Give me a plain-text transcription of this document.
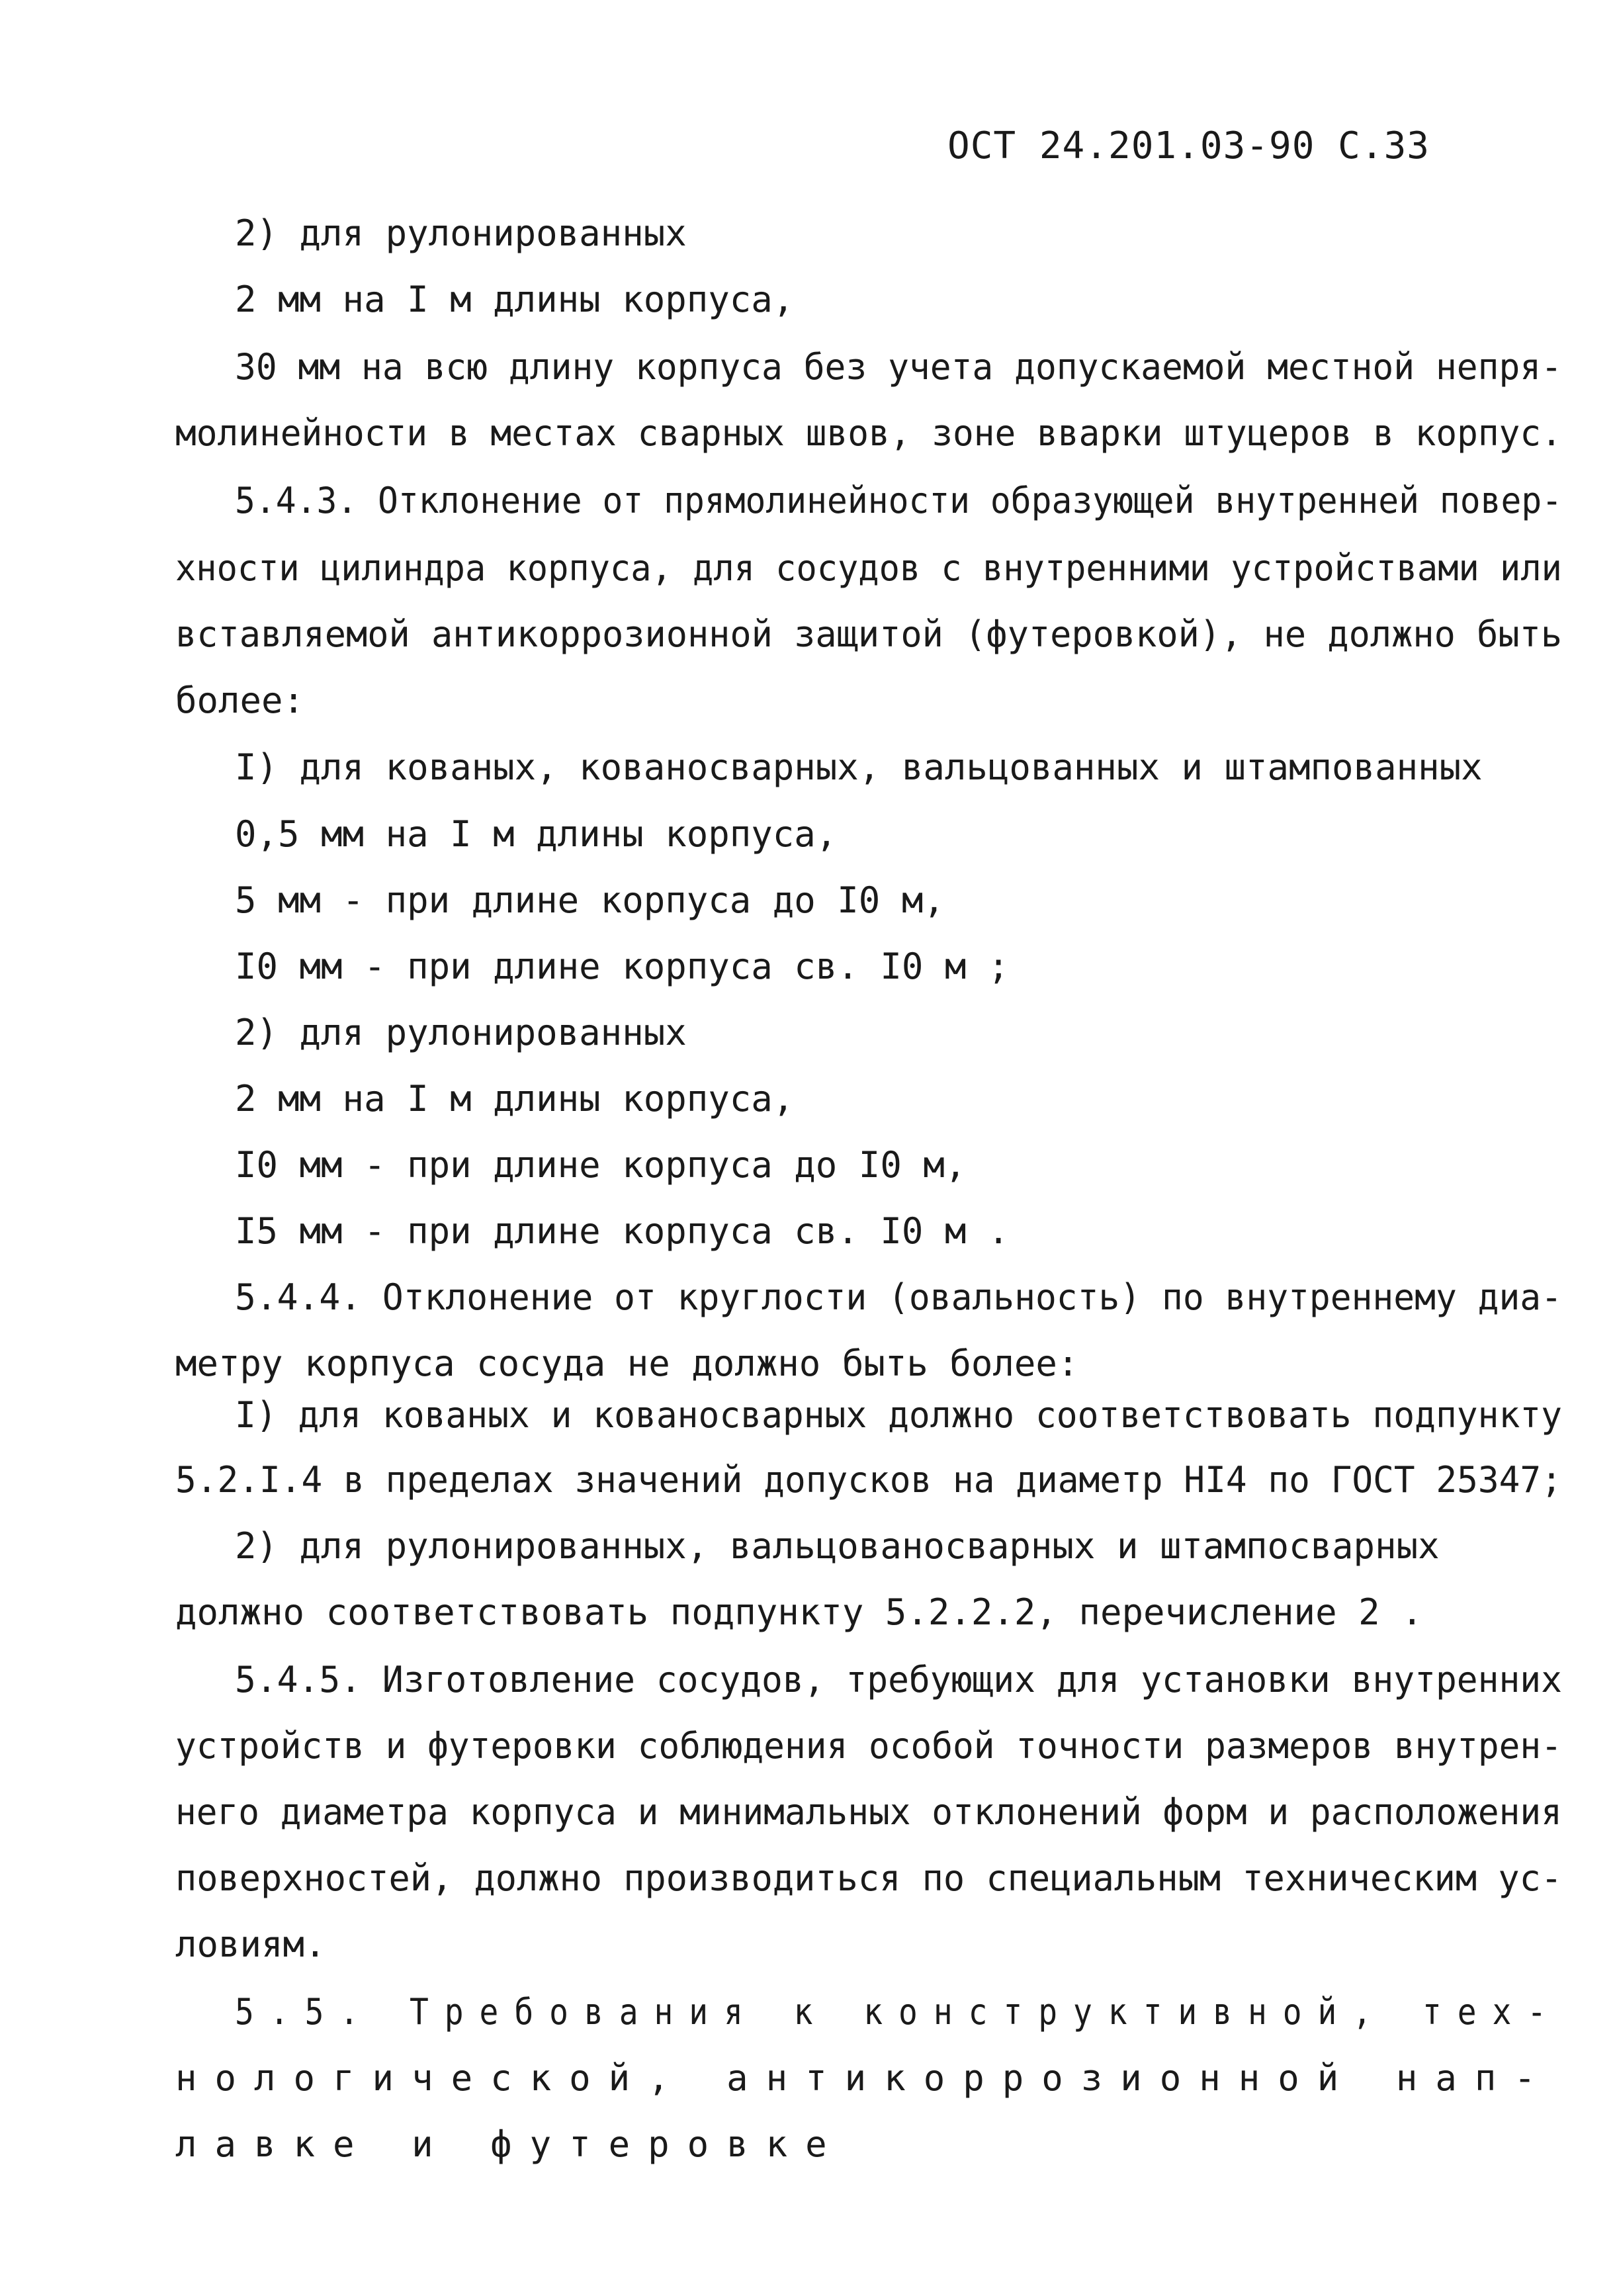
ОСТ 24.201.03-90 С.33
2) для рулонированных
2 мм на I м длины корпуса,
30 мм на всю длину корпуса без учета допускаемой местной непря-
молинейности в местах сварных швов, зоне вварки штуцеров в корпус.
5.4.3. Отклонение от прямолинейности образующей внутренней повер-
хности цилиндра корпуса, для сосудов с внутренними устройствами или
вставляемой антикоррозионной защитой (футеровкой), не должно быть
более:
I) для кованых, кованосварных, вальцованных и штампованных
0,5 мм на I м длины корпуса,
5 мм - при длине корпуса до I0 м,
I0 мм - при длине корпуса св. I0 м ;
2) для рулонированных
2 мм на I м длины корпуса,
I0 мм - при длине корпуса до I0 м,
I5 мм - при длине корпуса св. I0 м .
5.4.4. Отклонение от круглости (овальность) по внутреннему диа-
метру корпуса сосуда не должно быть более:
I) для кованых и кованосварных должно соответствовать подпункту
5.2.I.4 в пределах значений допусков на диаметр HI4 по ГОСТ 25347;
2) для рулонированных, вальцованосварных и штампосварных
должно соответствовать подпункту 5.2.2.2, перечисление 2 .
5.4.5. Изготовление сосудов, требующих для установки внутренних
устройств и футеровки соблюдения особой точности размеров внутрен-
него диаметра корпуса и минимальных отклонений форм и расположения
поверхностей, должно производиться по специальным техническим ус-
ловиям.
5.5. Требования к конструктивной, тех-
нологической, антикоррозионной нап-
лавке и футеровке
